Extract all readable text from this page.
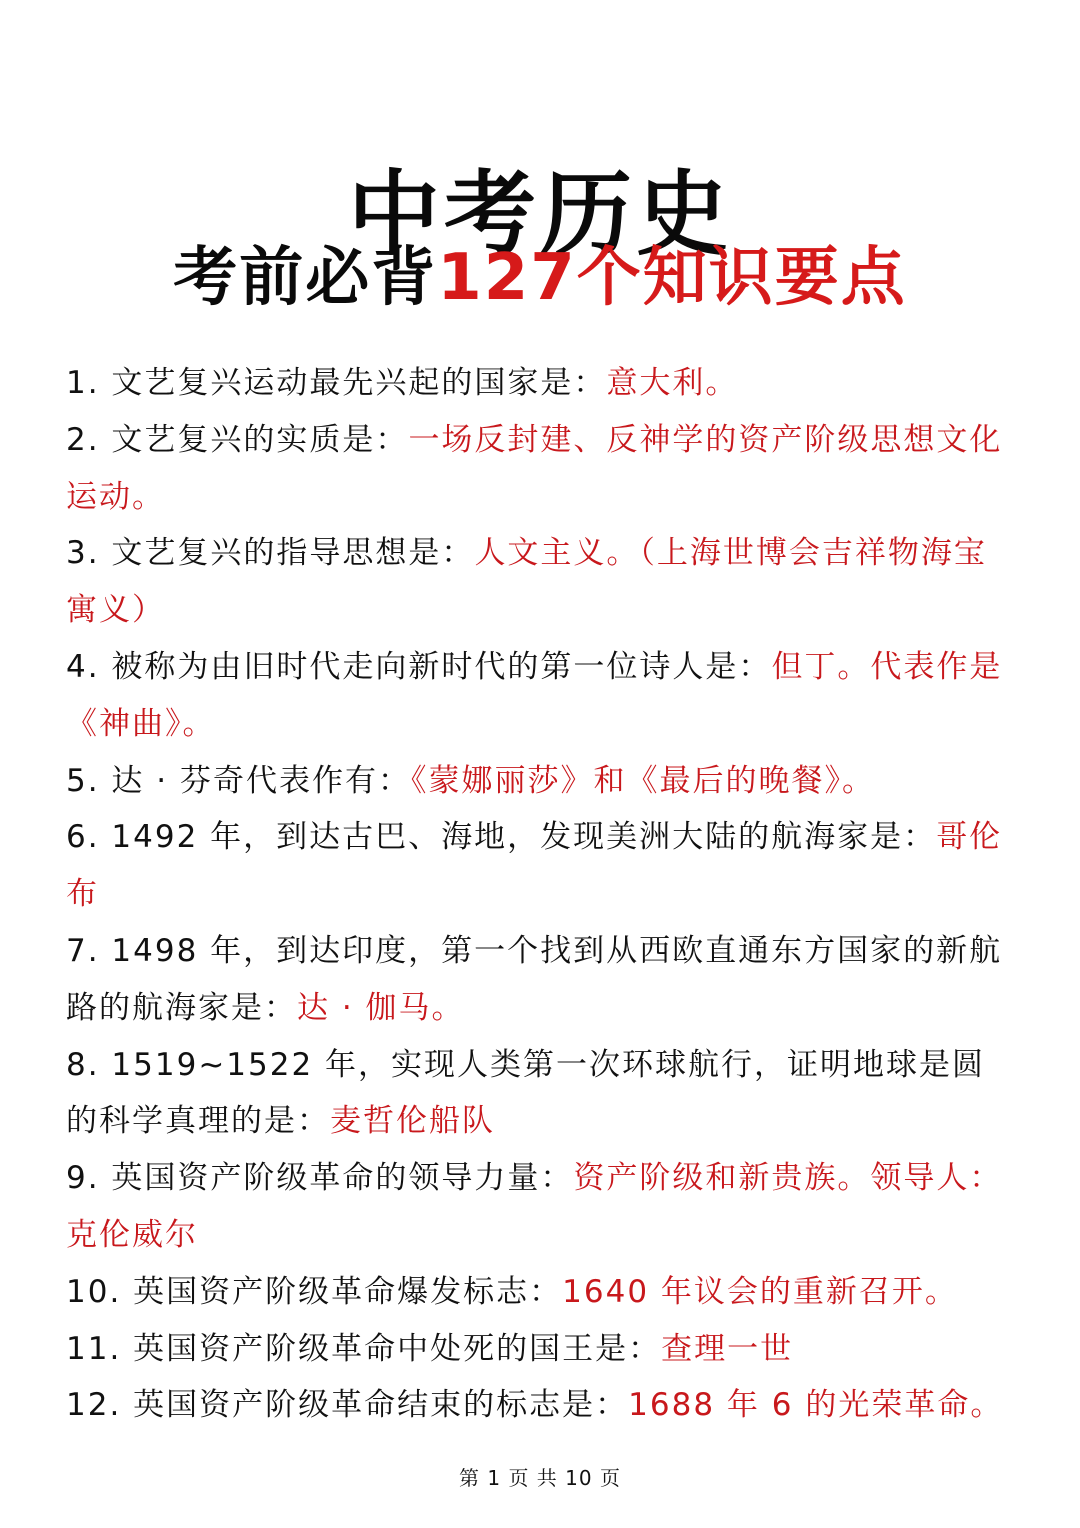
中考历史
考前必背127个知识要点
1. 文艺复兴运动最先兴起的国家是：意大利。
2. 文艺复兴的实质是：一场反封建、反神学的资产阶级思想文化运动。
3. 文艺复兴的指导思想是：人文主义。（上海世博会吉祥物海宝寓义）
4. 被称为由旧时代走向新时代的第一位诗人是：但丁。代表作是《神曲》。
5. 达 · 芬奇代表作有：《蒙娜丽莎》和《最后的晚餐》。
6. 1492 年，到达古巴、海地，发现美洲大陆的航海家是：哥伦布
7. 1498 年，到达印度，第一个找到从西欧直通东方国家的新航路的航海家是：达 · 伽马。
8. 1519~1522 年，实现人类第一次环球航行，证明地球是圆的科学真理的是：麦哲伦船队
9. 英国资产阶级革命的领导力量：资产阶级和新贵族。领导人：克伦威尔
10. 英国资产阶级革命爆发标志：1640 年议会的重新召开。
11. 英国资产阶级革命中处死的国王是：查理一世
12. 英国资产阶级革命结束的标志是：1688 年 6 的光荣革命。
第 1 页 共 10 页
